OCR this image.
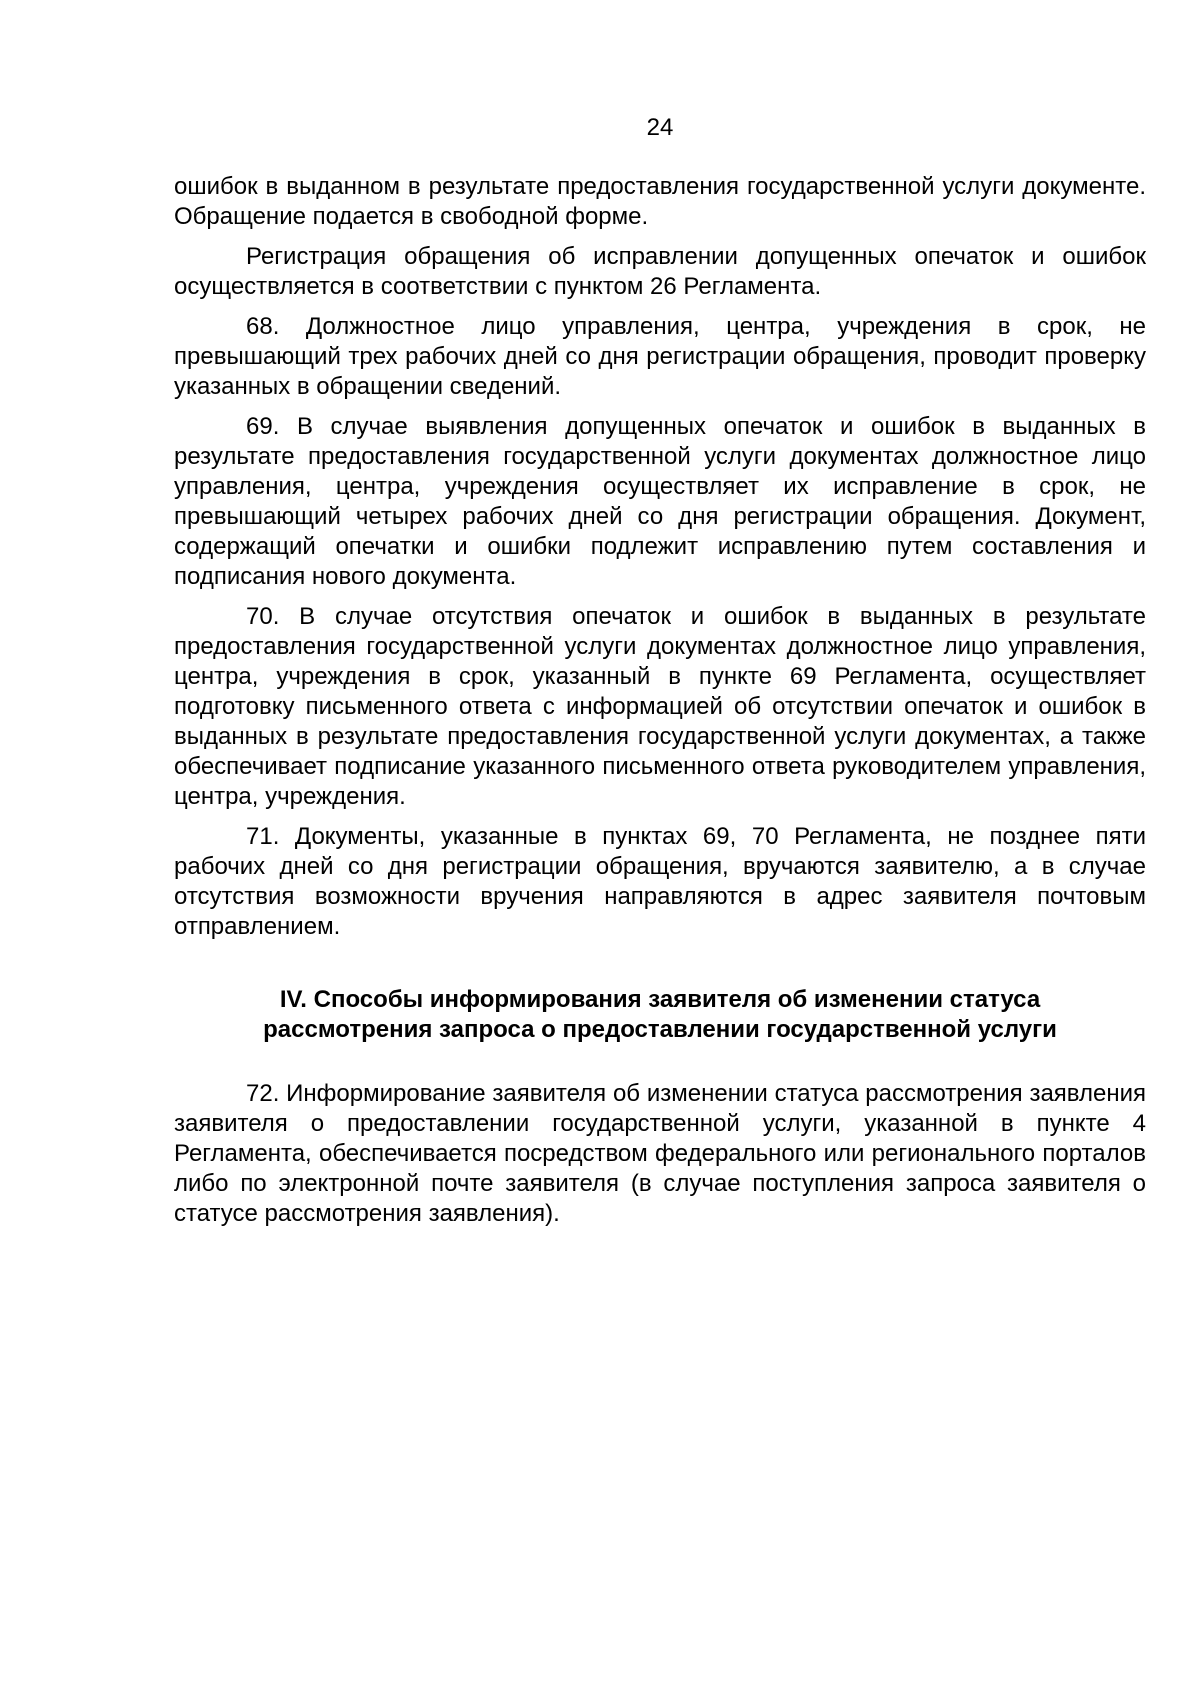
24

ошибок в выданном в результате предоставления государственной услуги документе. Обращение подается в свободной форме.

Регистрация обращения об исправлении допущенных опечаток и ошибок осуществляется в соответствии с пунктом 26 Регламента.

68. Должностное лицо управления, центра, учреждения в срок, не превышающий трех рабочих дней со дня регистрации обращения, проводит проверку указанных в обращении сведений.

69. В случае выявления допущенных опечаток и ошибок в выданных в результате предоставления государственной услуги документах должностное лицо управления, центра, учреждения осуществляет их исправление в срок, не превышающий четырех рабочих дней со дня регистрации обращения. Документ, содержащий опечатки и ошибки подлежит исправлению путем составления и подписания нового документа.

70. В случае отсутствия опечаток и ошибок в выданных в результате предоставления государственной услуги документах должностное лицо управления, центра, учреждения в срок, указанный в пункте 69 Регламента, осуществляет подготовку письменного ответа с информацией об отсутствии опечаток и ошибок в выданных в результате предоставления государственной услуги документах, а также обеспечивает подписание указанного письменного ответа руководителем управления, центра, учреждения.

71. Документы, указанные в пунктах 69, 70 Регламента, не позднее пяти рабочих дней со дня регистрации обращения, вручаются заявителю, а в случае отсутствия возможности вручения направляются в адрес заявителя почтовым отправлением.

IV. Способы информирования заявителя об изменении статуса
рассмотрения запроса о предоставлении государственной услуги

72. Информирование заявителя об изменении статуса рассмотрения заявления заявителя о предоставлении государственной услуги, указанной в пункте 4 Регламента, обеспечивается посредством федерального или регионального порталов либо по электронной почте заявителя (в случае поступления запроса заявителя о статусе рассмотрения заявления).
